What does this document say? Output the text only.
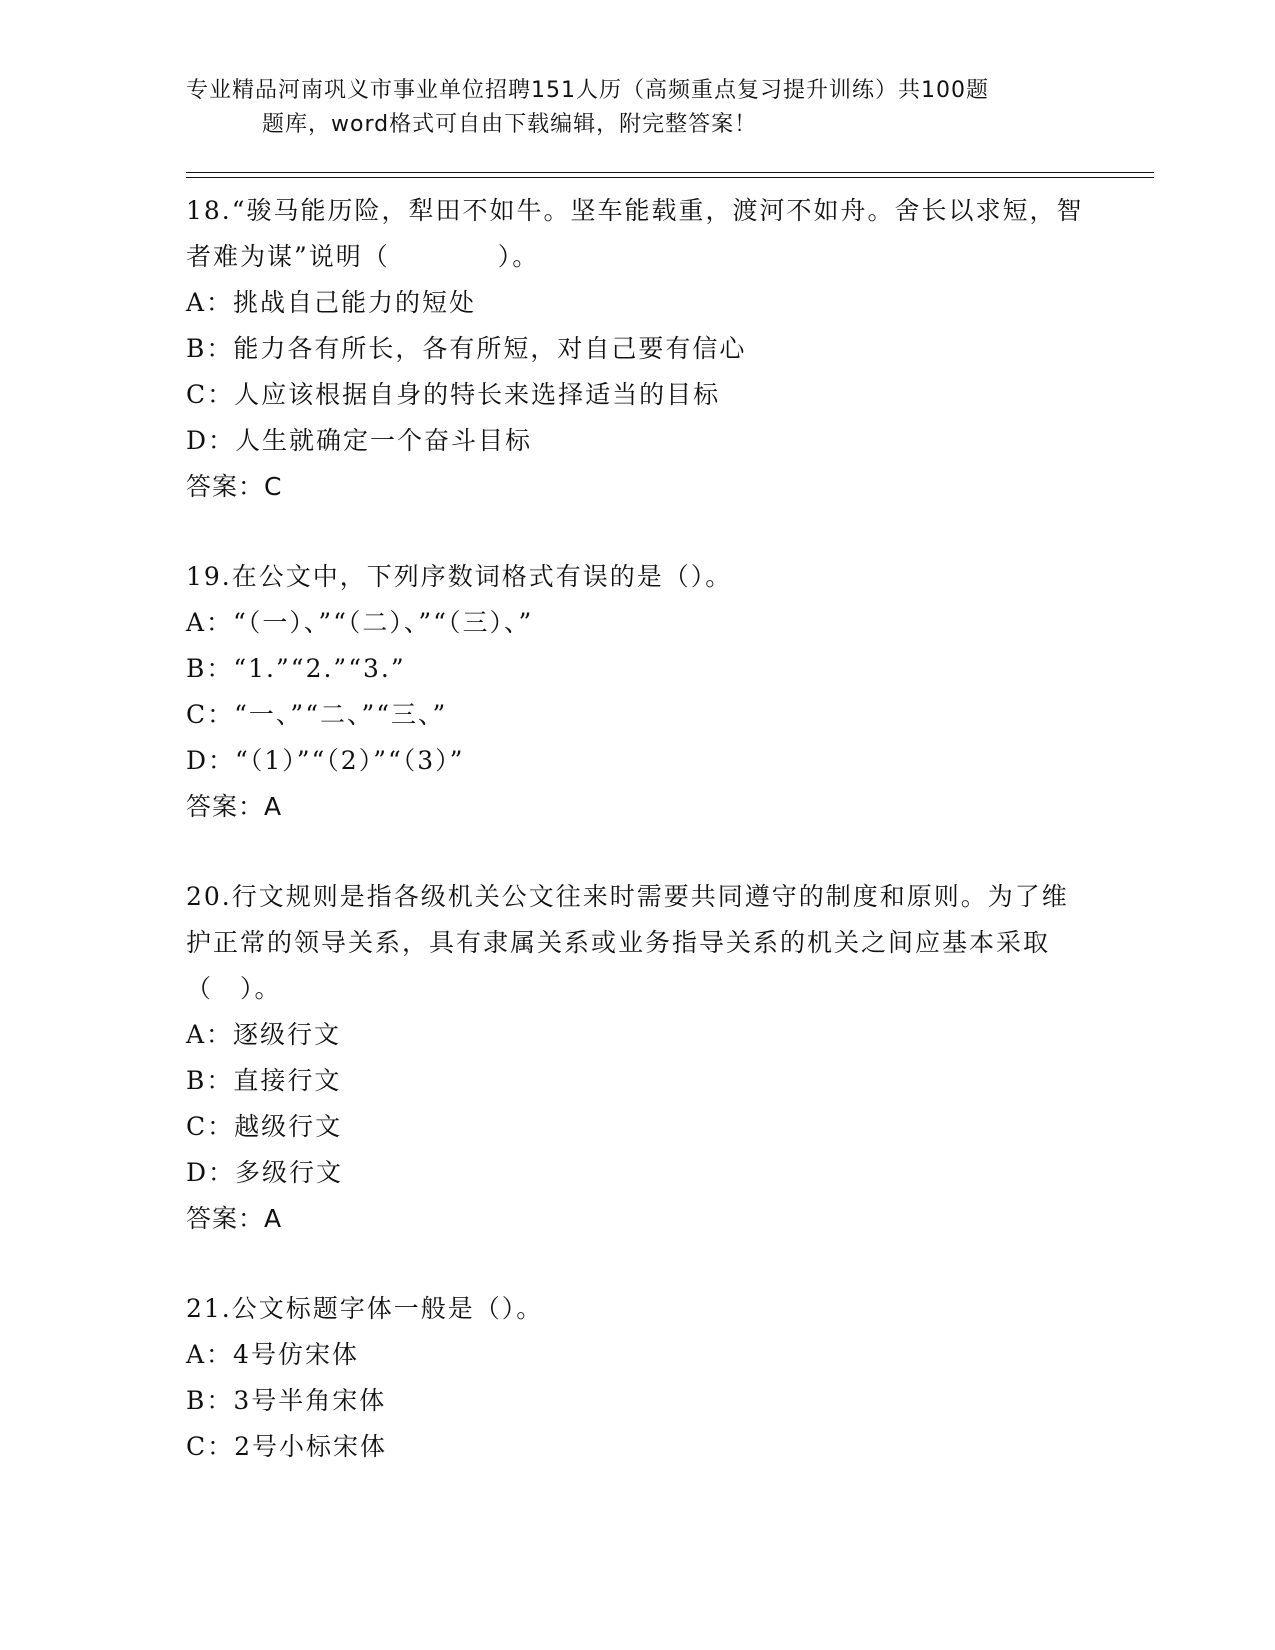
专业精品河南巩义市事业单位招聘151人历（高频重点复习提升训练）共100题
题库，word格式可自由下载编辑，附完整答案！
18.“骏马能历险，犁田不如牛。坚车能载重，渡河不如舟。舍长以求短，智者难为谋”说明（　　　　）。
A：挑战自己能力的短处
B：能力各有所长，各有所短，对自己要有信心
C：人应该根据自身的特长来选择适当的目标
D：人生就确定一个奋斗目标
答案：C
19.在公文中，下列序数词格式有误的是（）。
A：“（一）、”“（二）、”“（三）、”
B：“1.”“2.”“3.”
C：“一、”“二、”“三、”
D：“（1）”“（2）”“（3）”
答案：A
20.行文规则是指各级机关公文往来时需要共同遵守的制度和原则。为了维护正常的领导关系，具有隶属关系或业务指导关系的机关之间应基本采取（　）。
A：逐级行文
B：直接行文
C：越级行文
D：多级行文
答案：A
21.公文标题字体一般是（）。
A：4号仿宋体
B：3号半角宋体
C：2号小标宋体
